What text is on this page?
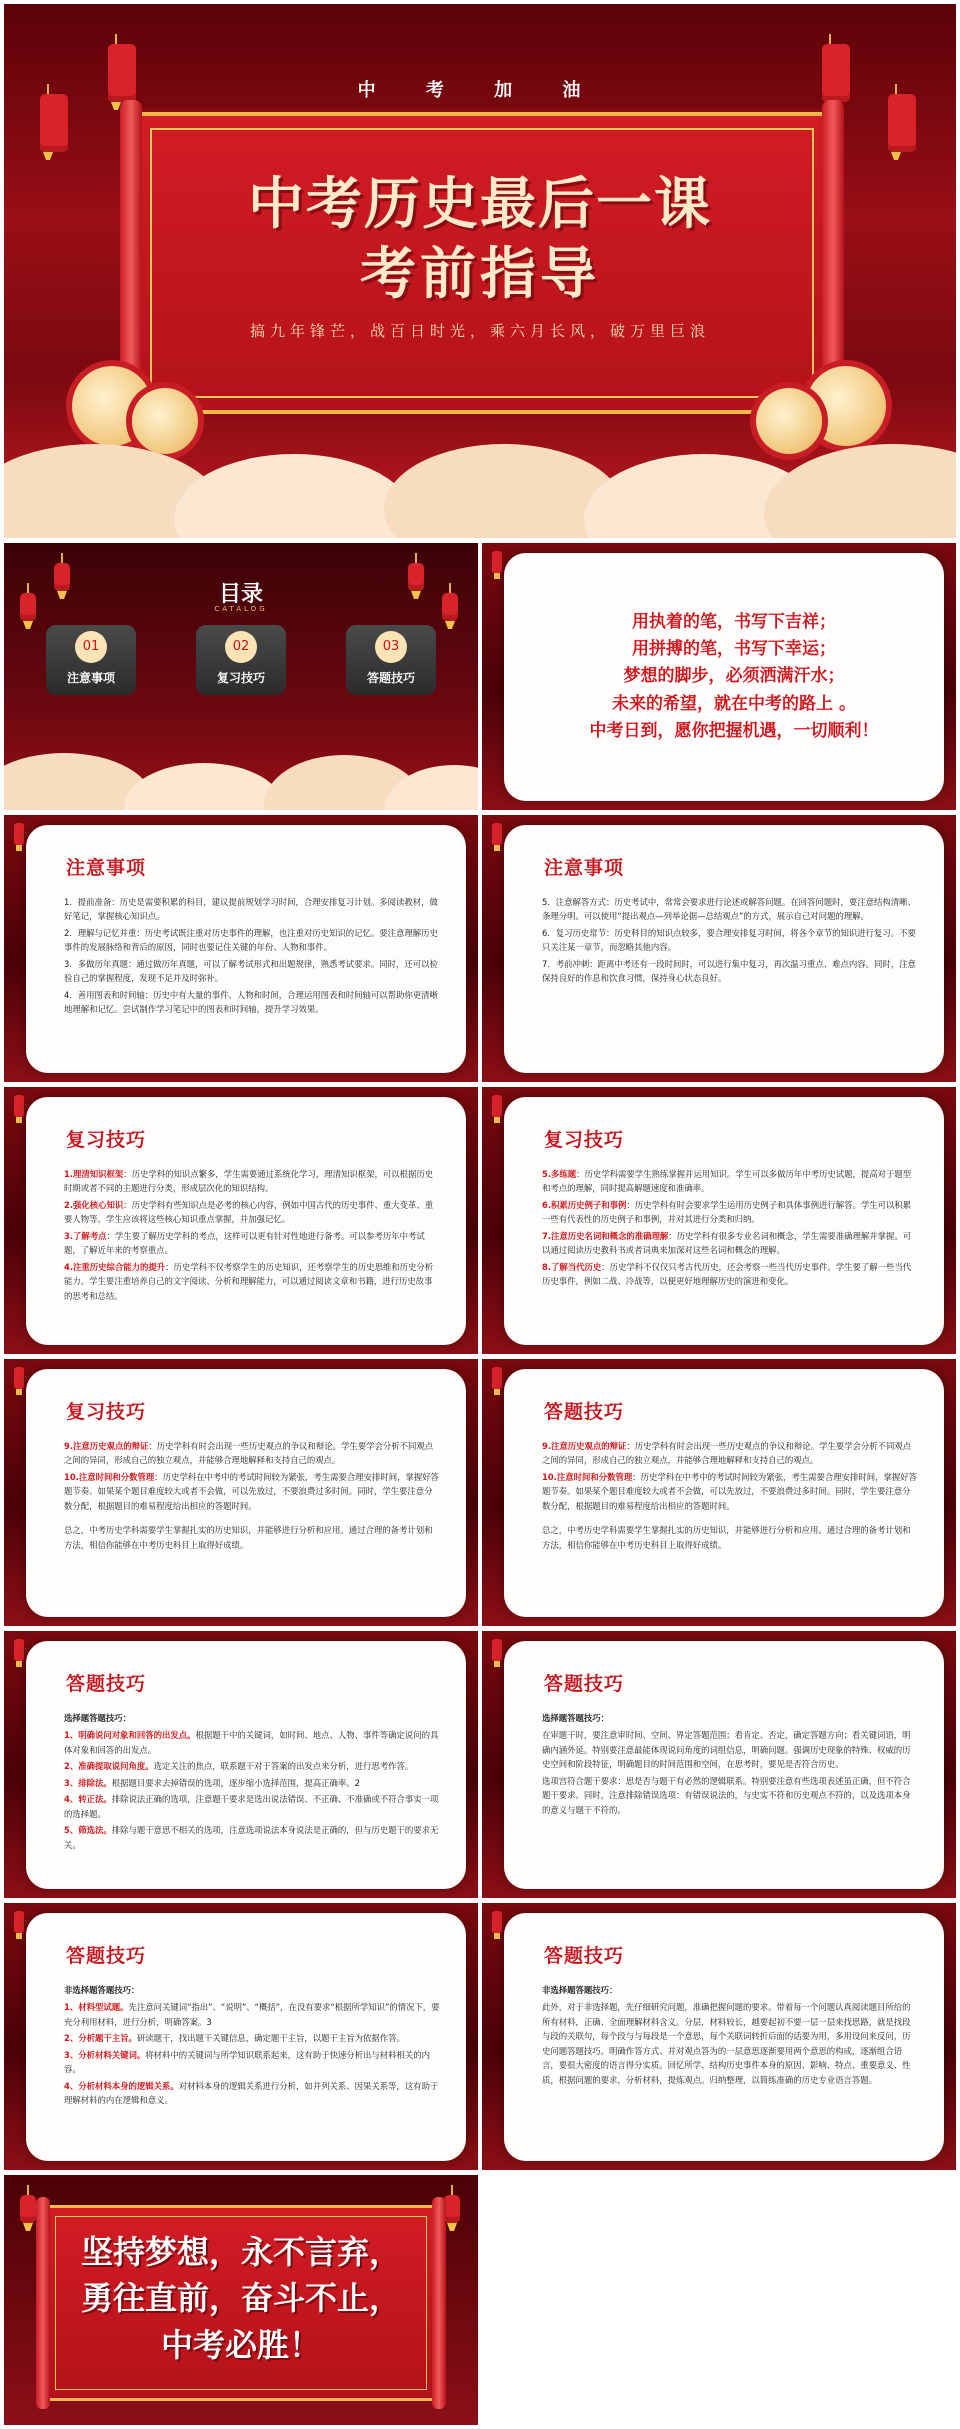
中 考 加 油
中考历史最后一课
考前指导
搞九年锋芒，战百日时光，乘六月长风，破万里巨浪
目录
CATALOG
01
注意事项
02
复习技巧
03
答题技巧
用执着的笔，书写下吉祥；
用拼搏的笔，书写下幸运；
梦想的脚步，必须洒满汗水；
未来的希望，就在中考的路上 。
中考日到，愿你把握机遇，一切顺利！
注意事项

1．提前准备：历史是需要积累的科目，建议提前规划学习时间，合理安排复习计划。多阅读教材，做好笔记，掌握核心知识点。

2．理解与记忆并重：历史考试既注重对历史事件的理解，也注重对历史知识的记忆。要注意理解历史事件的发展脉络和背后的原因，同时也要记住关键的年份、人物和事件。

3．多做历年真题：通过做历年真题，可以了解考试形式和出题规律，熟悉考试要求。同时，还可以检验自己的掌握程度，发现不足并及时弥补。

4．善用图表和时间轴：历史中有大量的事件、人物和时间，合理运用图表和时间轴可以帮助你更清晰地理解和记忆。尝试制作学习笔记中的图表和时间轴，提升学习效果。

注意事项

5．注意解答方式：历史考试中，常常会要求进行论述或解答问题。在回答问题时，要注意结构清晰、条理分明。可以使用“提出观点—列举论据—总结观点”的方式，展示自己对问题的理解。

6．复习历史常节：历史科目的知识点较多，要合理安排复习时间，将各个章节的知识进行复习。不要只关注某一章节，而忽略其他内容。

7．考前冲刺：距离中考还有一段时间时，可以进行集中复习，再次温习重点、难点内容。同时，注意保持良好的作息和饮食习惯，保持身心状态良好。

复习技巧

1.理清知识框架：历史学科的知识点繁多，学生需要通过系统化学习，理清知识框架，可以根据历史时期或者不同的主题进行分类，形成层次化的知识结构。

2.强化核心知识：历史学科有些知识点是必考的核心内容，例如中国古代的历史事件、重大变革、重要人物等。学生应该将这些核心知识重点掌握，并加强记忆。

3.了解考点：学生要了解历史学科的考点，这样可以更有针对性地进行备考。可以参考历年中考试题，了解近年来的考察重点。

4.注重历史综合能力的提升：历史学科不仅考察学生的历史知识，还考察学生的历史思维和历史分析能力。学生要注重培养自己的文字阅读、分析和理解能力，可以通过阅读文章和书籍，进行历史故事的思考和总结。

复习技巧

5.多练题：历史学科需要学生熟练掌握并运用知识。学生可以多做历年中考历史试题，提高对于题型和考点的理解，同时提高解题速度和准确率。

6.积累历史例子和事例：历史学科有时会要求学生运用历史例子和具体事例进行解答。学生可以积累一些有代表性的历史例子和事例，并对其进行分类和归纳。

7.注意历史名词和概念的准确理解：历史学科有很多专业名词和概念，学生需要准确理解并掌握。可以通过阅读历史教科书或者词典来加深对这些名词和概念的理解。

8.了解当代历史：历史学科不仅仅只考古代历史，还会考察一些当代历史事件。学生要了解一些当代历史事件，例如二战、冷战等，以便更好地理解历史的演进和变化。

复习技巧

9.注意历史观点的辩证：历史学科有时会出现一些历史观点的争议和辩论。学生要学会分析不同观点之间的异同，形成自己的独立观点，并能够合理地解释和支持自己的观点。

10.注意时间和分数管理：历史学科在中考中的考试时间较为紧张，考生需要合理安排时间，掌握好答题节奏。如果某个题目难度较大或者不会做，可以先放过，不要浪费过多时间。同时，学生要注意分数分配，根据题目的难易程度给出相应的答题时间。

总之，中考历史学科需要学生掌握扎实的历史知识，并能够进行分析和应用。通过合理的备考计划和方法，相信你能够在中考历史科目上取得好成绩。

答题技巧

9.注意历史观点的辩证：历史学科有时会出现一些历史观点的争议和辩论。学生要学会分析不同观点之间的异同，形成自己的独立观点，并能够合理地解释和支持自己的观点。

10.注意时间和分数管理：历史学科在中考中的考试时间较为紧张，考生需要合理安排时间，掌握好答题节奏。如果某个题目难度较大或者不会做，可以先放过，不要浪费过多时间。同时，学生要注意分数分配，根据题目的难易程度给出相应的答题时间。

总之，中考历史学科需要学生掌握扎实的历史知识，并能够进行分析和应用。通过合理的备考计划和方法，相信你能够在中考历史科目上取得好成绩。

答题技巧

选择题答题技巧：

1、明确说问对象和回答的出发点。根据题干中的关键词，如时间、地点、人物、事件等确定说问的具体对象和回答的出发点。

2、准确提取说问角度。选定关注的焦点，联系题干对于答案的出发点来分析，进行思考作答。

3、排除法。根据题目要求去掉错误的选项，逐步缩小选择范围，提高正确率。2

4、转正法。排除说法正确的选项，注意题干要求是选出说法错误、不正确、不准确或不符合事实一项的选择题。

5、筛选法。排除与题干意思不相关的选项，注意选项说法本身说法是正确的，但与历史题干的要求无关。

答题技巧

选择题答题技巧：

在审题干时，要注意审时间、空间、界定答题范围；看肯定、否定，确定答题方向；看关键词语，明确内涵外延。特别要注意最能体现说问角度的词组信息，明确问题。强调历史现象的特殊、权威的历史空间和阶段特征，明确题目的时间范围和空间，在思考时，要见是否符合历史。

选项宫符合题干要求：思是否与题干有必然的逻辑联系。特别要注意有些选项表述虽正确，但不符合题干要求。同时，注意排除错误选项：有错误说法的，与史实不符和历史观点不符的，以及选项本身的意义与题干不符的。

答题技巧

非选择题答题技巧：

1、材料型试题。先注意问关键词“指出”、“说明”、“概括”，在没有要求“根据所学知识”的情况下，要充分利用材料，进行分析，明确答案。3

2、分析题干主旨。研读题干，找出题干关键信息，确定题干主旨，以题干主旨为依据作答。

3、分析材料关键词。将材料中的关键词与所学知识联系起来，这有助于快速分析出与材料相关的内容。

4、分析材料本身的逻辑关系。对材料本身的逻辑关系进行分析，如并列关系、因果关系等，这有助于理解材料的内在逻辑和意义。

答题技巧

非选择题答题技巧：

此外，对于非选择题，先仔细研究问题，准确把握问题的要求。带着每一个问题认真阅读题目所给的所有材料，正确、全面理解材料含义。分层，材料较长，越要起初不要一层一层来找思路，就是找段与段的关联句，每个段与与每段是一个意思，每个关联词转折后面的话要为用，多用设问来反问，历史问题答题技巧。明确作答方式、并对观点答为的一层意思逐渐要用两个意思的构成，逐渐组合语言，要很大密度的语言得分实质。回忆所学、结构历史事件本身的原因、影响、特点、重要意义、性质，根据问题的要求，分析材料，提炼观点。归纳整理，以简练准确的历史专业语言答题。

坚持梦想，永不言弃，
勇往直前，奋斗不止，
中考必胜！
